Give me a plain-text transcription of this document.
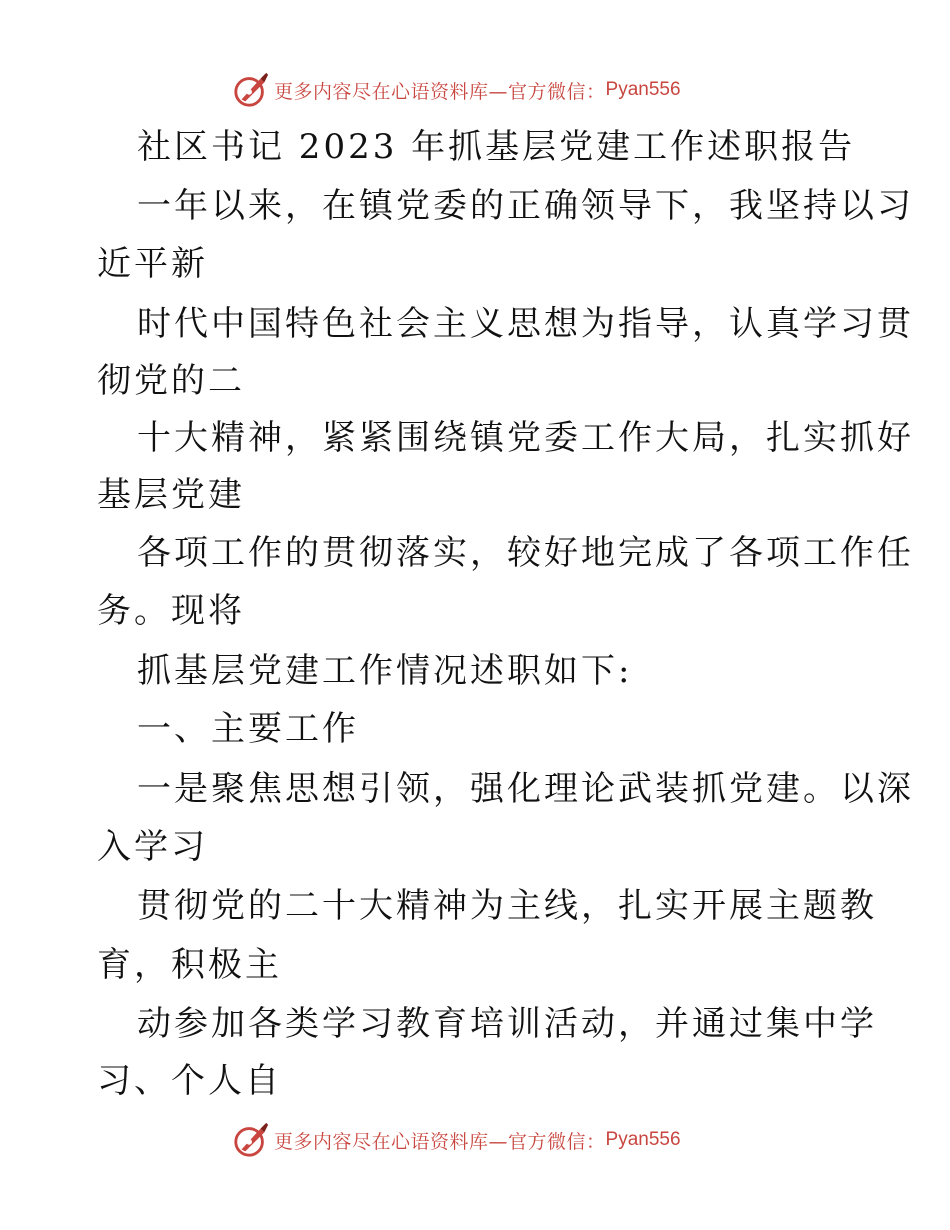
更多内容尽在心语资料库—官方微信： Pyan556
社区书记 2023 年抓基层党建工作述职报告
一年以来，在镇党委的正确领导下，我坚持以习
近平新
时代中国特色社会主义思想为指导，认真学习贯
彻党的二
十大精神，紧紧围绕镇党委工作大局，扎实抓好
基层党建
各项工作的贯彻落实，较好地完成了各项工作任
务。现将
抓基层党建工作情况述职如下:
一、主要工作
一是聚焦思想引领，强化理论武装抓党建。以深
入学习
贯彻党的二十大精神为主线，扎实开展主题教
育，积极主
动参加各类学习教育培训活动，并通过集中学
习、个人自
更多内容尽在心语资料库—官方微信： Pyan556
